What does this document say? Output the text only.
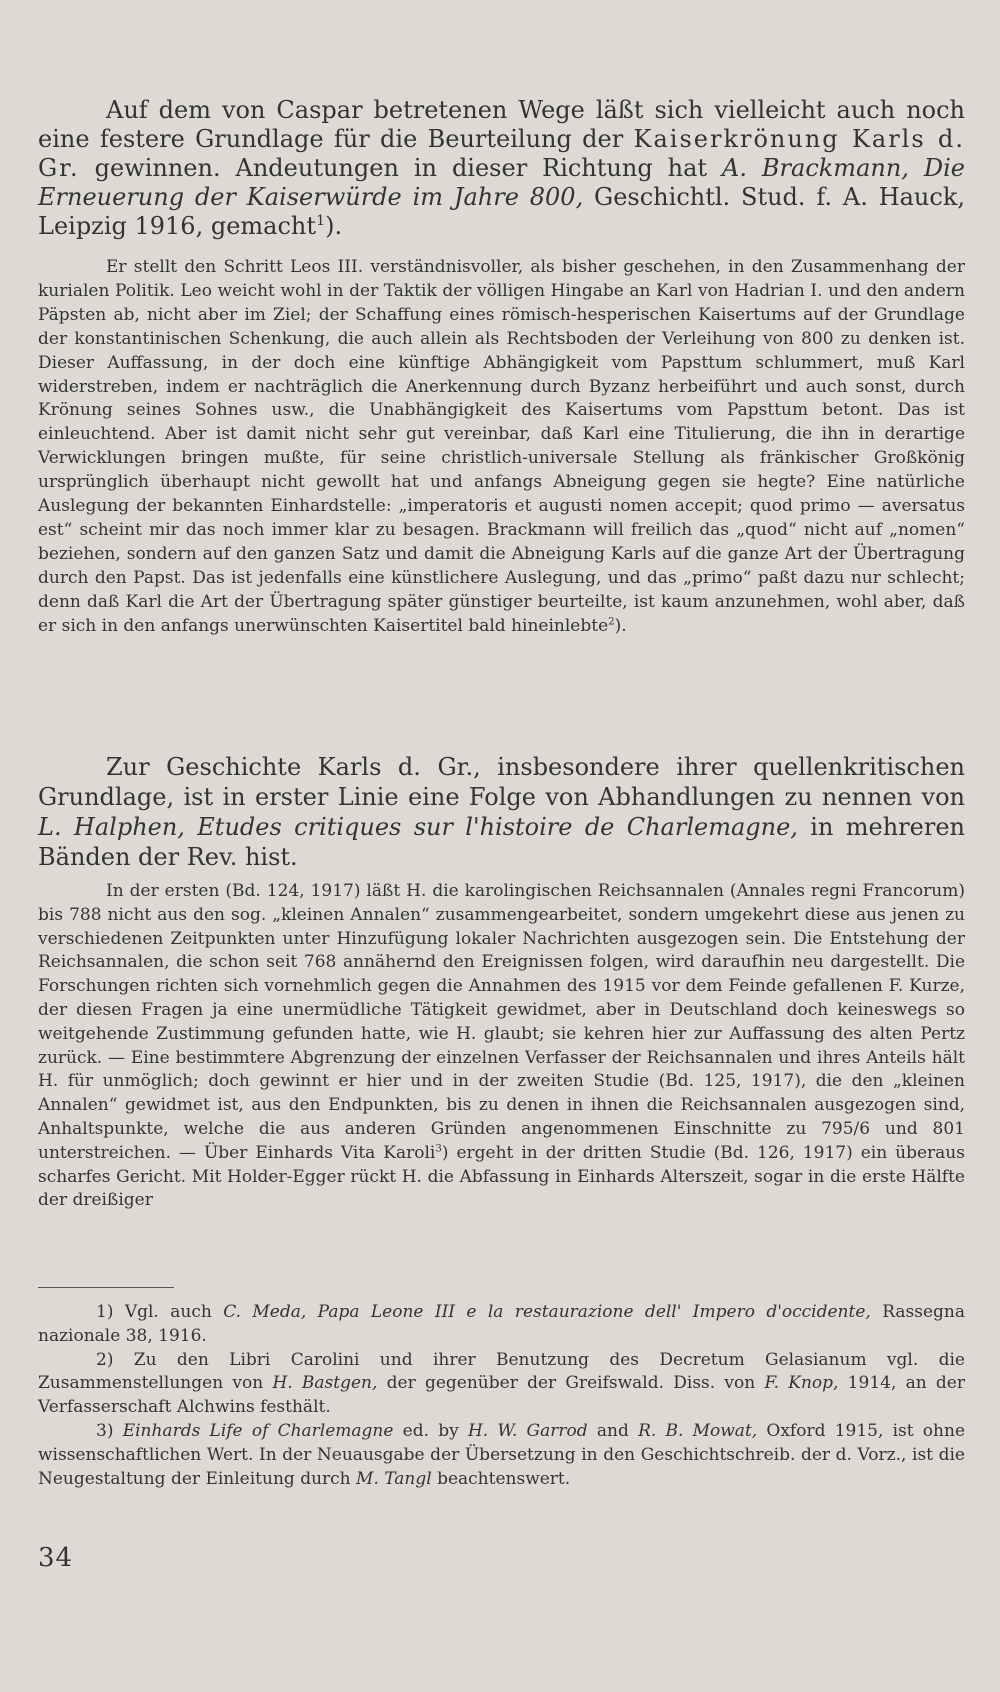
Auf dem von Caspar betretenen Wege läßt sich vielleicht auch noch eine festere Grundlage für die Beurteilung der Kaiserkrönung Karls d. Gr. gewinnen. Andeutungen in dieser Richtung hat A. Brackmann, Die Erneuerung der Kaiserwürde im Jahre 800, Geschichtl. Stud. f. A. Hauck, Leipzig 1916, gemacht$^1$).
Er stellt den Schritt Leos III. verständnisvoller, als bisher geschehen, in den Zusammenhang der kurialen Politik. Leo weicht wohl in der Taktik der völligen Hingabe an Karl von Hadrian I. und den andern Päpsten ab, nicht aber im Ziel; der Schaffung eines römisch-hesperischen Kaisertums auf der Grundlage der konstantinischen Schenkung, die auch allein als Rechtsboden der Verleihung von 800 zu denken ist. Dieser Auffassung, in der doch eine künftige Abhängigkeit vom Papsttum schlummert, muß Karl widerstreben, indem er nachträglich die Anerkennung durch Byzanz herbeiführt und auch sonst, durch Krönung seines Sohnes usw., die Unabhängigkeit des Kaisertums vom Papsttum betont. Das ist einleuchtend. Aber ist damit nicht sehr gut vereinbar, daß Karl eine Titulierung, die ihn in derartige Verwicklungen bringen mußte, für seine christlich-universale Stellung als fränkischer Großkönig ursprünglich überhaupt nicht gewollt hat und anfangs Abneigung gegen sie hegte? Eine natürliche Auslegung der bekannten Einhardstelle: „imperatoris et augusti nomen accepit; quod primo — aversatus est“ scheint mir das noch immer klar zu besagen. Brackmann will freilich das „quod“ nicht auf „nomen“ beziehen, sondern auf den ganzen Satz und damit die Abneigung Karls auf die ganze Art der Übertragung durch den Papst. Das ist jedenfalls eine künstlichere Auslegung, und das „primo“ paßt dazu nur schlecht; denn daß Karl die Art der Übertragung später günstiger beurteilte, ist kaum anzunehmen, wohl aber, daß er sich in den anfangs unerwünschten Kaisertitel bald hineinlebte$^2$).
Zur Geschichte Karls d. Gr., insbesondere ihrer quellenkritischen Grundlage, ist in erster Linie eine Folge von Abhandlungen zu nennen von L. Halphen, Etudes critiques sur l'histoire de Charlemagne, in mehreren Bänden der Rev. hist.
In der ersten (Bd. 124, 1917) läßt H. die karolingischen Reichsannalen (Annales regni Francorum) bis 788 nicht aus den sog. „kleinen Annalen“ zusammengearbeitet, sondern umgekehrt diese aus jenen zu verschiedenen Zeitpunkten unter Hinzufügung lokaler Nachrichten ausgezogen sein. Die Entstehung der Reichsannalen, die schon seit 768 annähernd den Ereignissen folgen, wird daraufhin neu dargestellt. Die Forschungen richten sich vornehmlich gegen die Annahmen des 1915 vor dem Feinde gefallenen F. Kurze, der diesen Fragen ja eine unermüdliche Tätigkeit gewidmet, aber in Deutschland doch keineswegs so weitgehende Zustimmung gefunden hatte, wie H. glaubt; sie kehren hier zur Auffassung des alten Pertz zurück. — Eine bestimmtere Abgrenzung der einzelnen Verfasser der Reichsannalen und ihres Anteils hält H. für unmöglich; doch gewinnt er hier und in der zweiten Studie (Bd. 125, 1917), die den „kleinen Annalen“ gewidmet ist, aus den Endpunkten, bis zu denen in ihnen die Reichsannalen ausgezogen sind, Anhaltspunkte, welche die aus anderen Gründen angenommenen Einschnitte zu 795/6 und 801 unterstreichen. — Über Einhards Vita Karoli$^3$) ergeht in der dritten Studie (Bd. 126, 1917) ein überaus scharfes Gericht. Mit Holder-Egger rückt H. die Abfassung in Einhards Alterszeit, sogar in die erste Hälfte der dreißiger

1) Vgl. auch C. Meda, Papa Leone III e la restaurazione dell' Impero d'occidente, Rassegna nazionale 38, 1916.

2) Zu den Libri Carolini und ihrer Benutzung des Decretum Gelasianum vgl. die Zusammenstellungen von H. Bastgen, der gegenüber der Greifswald. Diss. von F. Knop, 1914, an der Verfasserschaft Alchwins festhält.

3) Einhards Life of Charlemagne ed. by H. W. Garrod and R. B. Mowat, Oxford 1915, ist ohne wissenschaftlichen Wert. In der Neuausgabe der Übersetzung in den Geschichtschreib. der d. Vorz., ist die Neugestaltung der Einleitung durch M. Tangl beachtenswert.

34
